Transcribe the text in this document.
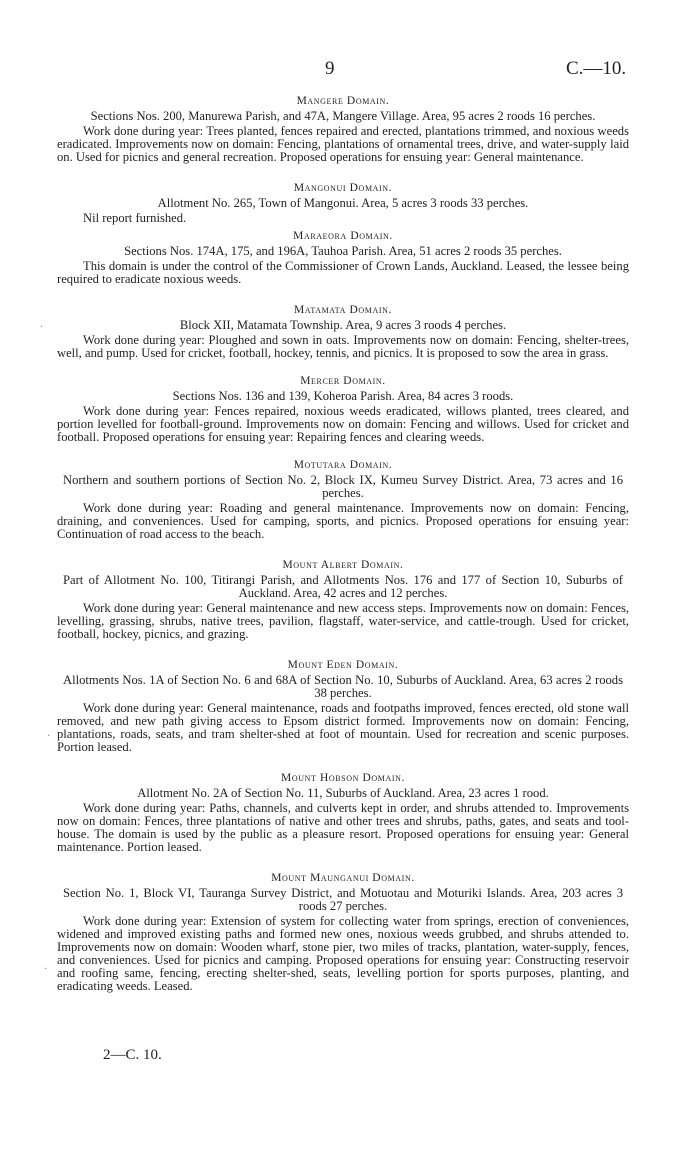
9	C.—10.
Mangere Domain.
Sections Nos. 200, Manurewa Parish, and 47A, Mangere Village. Area, 95 acres 2 roods 16 perches.
Work done during year: Trees planted, fences repaired and erected, plantations trimmed, and noxious weeds eradicated. Improvements now on domain: Fencing, plantations of ornamental trees, drive, and water-supply laid on. Used for picnics and general recreation. Proposed operations for ensuing year: General maintenance.
Mangonui Domain.
Allotment No. 265, Town of Mangonui. Area, 5 acres 3 roods 33 perches.
Nil report furnished.
Maraeora Domain.
Sections Nos. 174A, 175, and 196A, Tauhoa Parish. Area, 51 acres 2 roods 35 perches.
This domain is under the control of the Commissioner of Crown Lands, Auckland. Leased, the lessee being required to eradicate noxious weeds.
Matamata Domain.
Block XII, Matamata Township. Area, 9 acres 3 roods 4 perches.
Work done during year: Ploughed and sown in oats. Improvements now on domain: Fencing, shelter-trees, well, and pump. Used for cricket, football, hockey, tennis, and picnics. It is proposed to sow the area in grass.
Mercer Domain.
Sections Nos. 136 and 139, Koheroa Parish. Area, 84 acres 3 roods.
Work done during year: Fences repaired, noxious weeds eradicated, willows planted, trees cleared, and portion levelled for football-ground. Improvements now on domain: Fencing and willows. Used for cricket and football. Proposed operations for ensuing year: Repairing fences and clearing weeds.
Motutara Domain.
Northern and southern portions of Section No. 2, Block IX, Kumeu Survey District. Area, 73 acres and 16 perches.
Work done during year: Roading and general maintenance. Improvements now on domain: Fencing, draining, and conveniences. Used for camping, sports, and picnics. Proposed operations for ensuing year: Continuation of road access to the beach.
Mount Albert Domain.
Part of Allotment No. 100, Titirangi Parish, and Allotments Nos. 176 and 177 of Section 10, Suburbs of Auckland. Area, 42 acres and 12 perches.
Work done during year: General maintenance and new access steps. Improvements now on domain: Fences, levelling, grassing, shrubs, native trees, pavilion, flagstaff, water-service, and cattle-trough. Used for cricket, football, hockey, picnics, and grazing.
Mount Eden Domain.
Allotments Nos. 1A of Section No. 6 and 68A of Section No. 10, Suburbs of Auckland. Area, 63 acres 2 roods 38 perches.
Work done during year: General maintenance, roads and footpaths improved, fences erected, old stone wall removed, and new path giving access to Epsom district formed. Improvements now on domain: Fencing, plantations, roads, seats, and tram shelter-shed at foot of mountain. Used for recreation and scenic purposes. Portion leased.
Mount Hobson Domain.
Allotment No. 2A of Section No. 11, Suburbs of Auckland. Area, 23 acres 1 rood.
Work done during year: Paths, channels, and culverts kept in order, and shrubs attended to. Improvements now on domain: Fences, three plantations of native and other trees and shrubs, paths, gates, and seats and tool-house. The domain is used by the public as a pleasure resort. Proposed operations for ensuing year: General maintenance. Portion leased.
Mount Maunganui Domain.
Section No. 1, Block VI, Tauranga Survey District, and Motuotau and Moturiki Islands. Area, 203 acres 3 roods 27 perches.
Work done during year: Extension of system for collecting water from springs, erection of conveniences, widened and improved existing paths and formed new ones, noxious weeds grubbed, and shrubs attended to. Improvements now on domain: Wooden wharf, stone pier, two miles of tracks, plantation, water-supply, fences, and conveniences. Used for picnics and camping. Proposed operations for ensuing year: Constructing reservoir and roofing same, fencing, erecting shelter-shed, seats, levelling portion for sports purposes, planting, and eradicating weeds. Leased.
2—C. 10.
·
·
·
